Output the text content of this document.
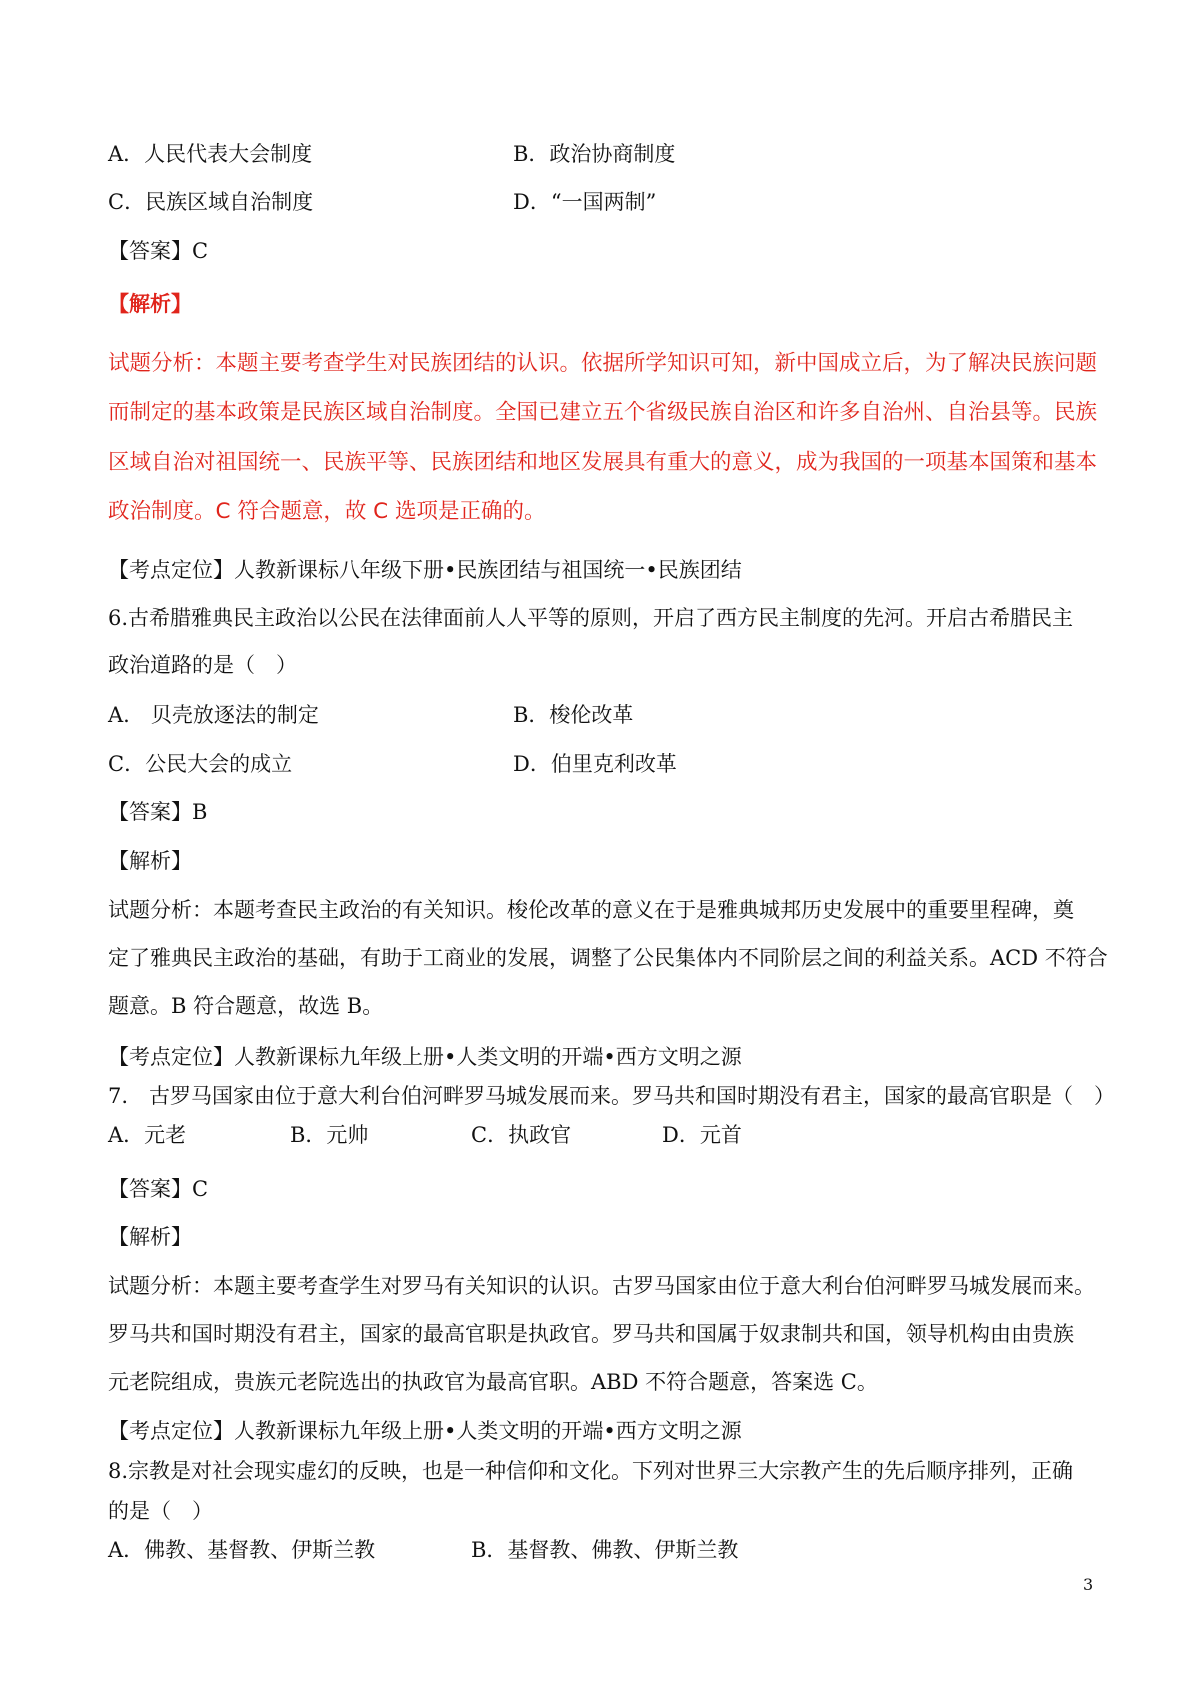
A．人民代表大会制度	B．政治协商制度
C．民族区域自治制度	D．“一国两制”
【答案】C
【解析】
试题分析：本题主要考查学生对民族团结的认识。依据所学知识可知，新中国成立后，为了解决民族问题
而制定的基本政策是民族区域自治制度。全国已建立五个省级民族自治区和许多自治州、自治县等。民族
区域自治对祖国统一、民族平等、民族团结和地区发展具有重大的意义，成为我国的一项基本国策和基本
政治制度。C 符合题意，故 C 选项是正确的。
【考点定位】人教新课标八年级下册•民族团结与祖国统一•民族团结
6.古希腊雅典民主政治以公民在法律面前人人平等的原则，开启了西方民主制度的先河。开启古希腊民主
政治道路的是（　）
A.　贝壳放逐法的制定	B．梭伦改革
C．公民大会的成立	D．伯里克利改革
【答案】B
【解析】
试题分析：本题考查民主政治的有关知识。梭伦改革的意义在于是雅典城邦历史发展中的重要里程碑，奠
定了雅典民主政治的基础，有助于工商业的发展，调整了公民集体内不同阶层之间的利益关系。ACD 不符合
题意。B 符合题意，故选 B。
【考点定位】人教新课标九年级上册•人类文明的开端•西方文明之源
7.　古罗马国家由位于意大利台伯河畔罗马城发展而来。罗马共和国时期没有君主，国家的最高官职是（　）
A．元老	B．元帅	C．执政官	D．元首
【答案】C
【解析】
试题分析：本题主要考查学生对罗马有关知识的认识。古罗马国家由位于意大利台伯河畔罗马城发展而来。
罗马共和国时期没有君主，国家的最高官职是执政官。罗马共和国属于奴隶制共和国，领导机构由由贵族
元老院组成，贵族元老院选出的执政官为最高官职。ABD 不符合题意，答案选 C。
【考点定位】人教新课标九年级上册•人类文明的开端•西方文明之源
8.宗教是对社会现实虚幻的反映，也是一种信仰和文化。下列对世界三大宗教产生的先后顺序排列，正确
的是（　）
A．佛教、基督教、伊斯兰教	B．基督教、佛教、伊斯兰教
3
